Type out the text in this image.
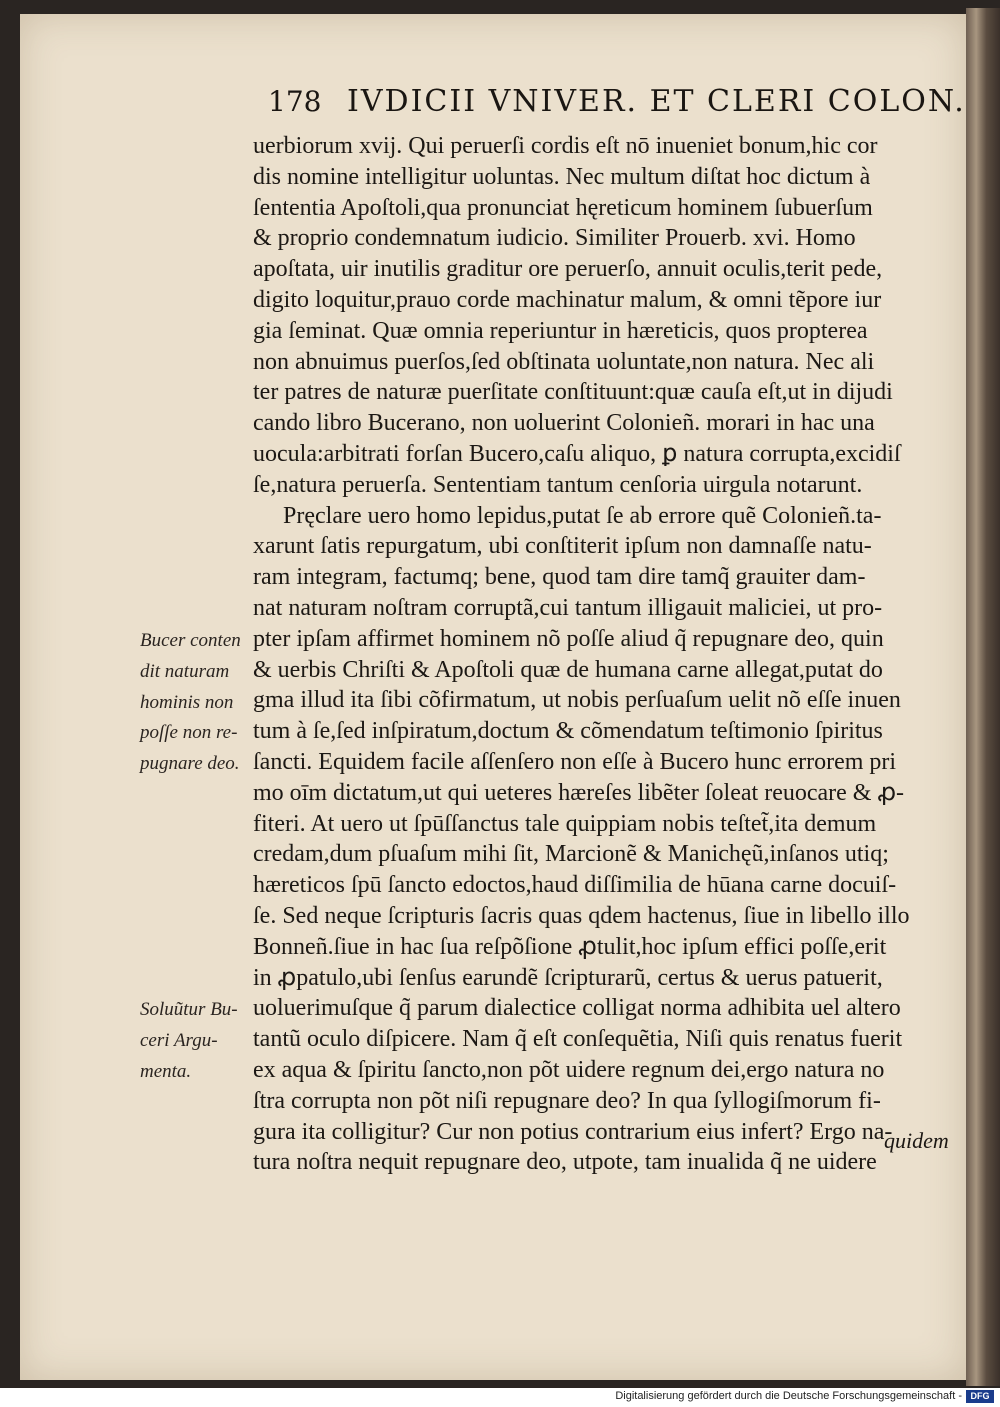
178 IVDICII VNIVER. ET CLERI COLON.
uerbiorum xvij. Qui peruerſi cordis eſt nō inueniet bonum,hic cor
dis nomine intelligitur uoluntas. Nec multum diſtat hoc dictum à
ſententia Apoſtoli,qua pronunciat hęreticum hominem ſubuerſum
& proprio condemnatum iudicio. Similiter Prouerb. xvi. Homo
apoſtata, uir inutilis graditur ore peruerſo, annuit oculis,terit pede,
digito loquitur,prauo corde machinatur malum, & omni tẽpore iur
gia ſeminat. Quæ omnia reperiuntur in hæreticis, quos propterea
non abnuimus puerſos,ſed obſtinata uoluntate,non natura. Nec ali
ter patres de naturæ puerſitate conſtituunt:quæ cauſa eſt,ut in dijudi
cando libro Bucerano, non uoluerint Colonieñ. morari in hac una
uocula:arbitrati forſan Bucero,caſu aliquo, ꝑ natura corrupta,excidiſ
ſe,natura peruerſa. Sententiam tantum cenſoria uirgula notarunt.
Pręclare uero homo lepidus,putat ſe ab errore quẽ Colonieñ.ta-
xarunt ſatis repurgatum, ubi conſtiterit ipſum non damnaſſe natu-
ram integram, factumq; bene, quod tam dire tamq̃ grauiter dam-
nat naturam noſtram corruptã,cui tantum illigauit maliciei, ut pro-
pter ipſam affirmet hominem nõ poſſe aliud q̃ repugnare deo, quin
& uerbis Chriſti & Apoſtoli quæ de humana carne allegat,putat do
gma illud ita ſibi cõfirmatum, ut nobis perſuaſum uelit nõ eſſe inuen
tum à ſe,ſed inſpiratum,doctum & cõmendatum teſtimonio ſpiritus
ſancti. Equidem facile aſſenſero non eſſe à Bucero hunc errorem pri
mo oīm dictatum,ut qui ueteres hæreſes libẽter ſoleat reuocare & ꝓ-
fiteri. At uero ut ſpūſſanctus tale quippiam nobis teſtet̃,ita demum
credam,dum pſuaſum mihi ſit, Marcionẽ & Manichęũ,inſanos utiq;
hæreticos ſpū ſancto edoctos,haud diſſimilia de hūana carne docuiſ-
ſe. Sed neque ſcripturis ſacris quas qdem hactenus, ſiue in libello illo
Bonneñ.ſiue in hac ſua reſpõſione ꝓtulit,hoc ipſum effici poſſe,erit
in ꝓpatulo,ubi ſenſus earundẽ ſcripturarũ, certus & uerus patuerit,
uoluerimuſque q̃ parum dialectice colligat norma adhibita uel altero
tantũ oculo diſpicere. Nam q̃ eſt conſequẽtia, Niſi quis renatus fuerit
ex aqua & ſpiritu ſancto,non põt uidere regnum dei,ergo natura no
ſtra corrupta non põt niſi repugnare deo? In qua ſyllogiſmorum fi-
gura ita colligitur? Cur non potius contrarium eius infert? Ergo na-
tura noſtra nequit repugnare deo, utpote, tam inualida q̃ ne uidere
quidem
Bucer conten
dit naturam
hominis non
poſſe non re-
pugnare deo.
Soluũtur Bu-
ceri Argu-
menta.
Digitalisierung gefördert durch die Deutsche Forschungsgemeinschaft - DFG
